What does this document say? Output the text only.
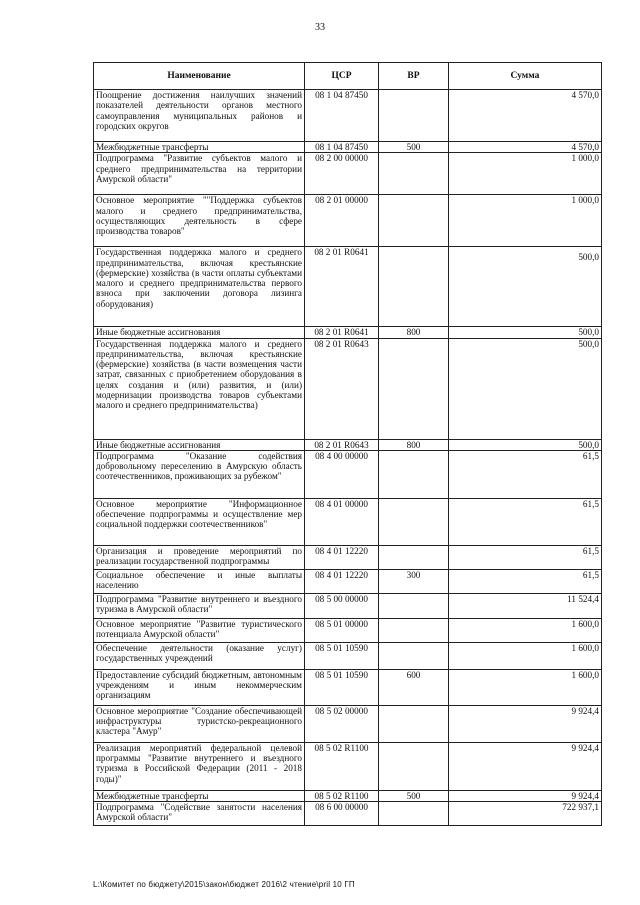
33
Наименование	ЦСР	ВР	Сумма
Поощрение достижения наилучших значений показателей деятельности органов местного самоуправления муниципальных районов и городских округов	08 1 04 87450		4 570,0
Межбюджетные трансферты	08 1 04 87450	500	4 570,0
Подпрограмма "Развитие субъектов малого и среднего предпринимательства на территории Амурской области"	08 2 00 00000		1 000,0
Основное мероприятие ""Поддержка субъектов малого и среднего предпринимательства, осуществляющих деятельность в сфере производства товаров"	08 2 01 00000		1 000,0
Государственная поддержка малого и среднего предпринимательства, включая крестьянские (фермерские) хозяйства (в части оплаты субъектами малого и среднего предпринимательства первого взноса при заключении договора лизинга оборудования)	08 2 01 R0641		500,0
Иные бюджетные ассигнования	08 2 01 R0641	800	500,0
Государственная поддержка малого и среднего предпринимательства, включая крестьянские (фермерские) хозяйства (в части возмещения части затрат, связанных с приобретением оборудования в целях создания и (или) развития, и (или) модернизации производства товаров субъектами малого и среднего предпринимательства)	08 2 01 R0643		500,0
Иные бюджетные ассигнования	08 2 01 R0643	800	500,0
Подпрограмма "Оказание содействия добровольному переселению в Амурскую область соотечественников, проживающих за рубежом"	08 4 00 00000		61,5
Основное мероприятие "Информационное обеспечение подпрограммы и осуществление мер социальной поддержки соотечественников"	08 4 01 00000		61,5
Организация и проведение мероприятий по реализации государственной подпрограммы	08 4 01 12220		61,5
Социальное обеспечение и иные выплаты населению	08 4 01 12220	300	61,5
Подпрограмма "Развитие внутреннего и въездного туризма в Амурской области"	08 5 00 00000		11 524,4
Основное мероприятие "Развитие туристического потенциала Амурской области"	08 5 01 00000		1 600,0
Обеспечение деятельности (оказание услуг) государственных учреждений	08 5 01 10590		1 600,0
Предоставление субсидий бюджетным, автономным учреждениям и иным некоммерческим организациям	08 5 01 10590	600	1 600,0
Основное мероприятие "Создание обеспечивающей инфраструктуры туристско-рекреационного кластера "Амур"	08 5 02 00000		9 924,4
Реализация мероприятий федеральной целевой программы "Развитие внутреннего и въездного туризма в Российской Федерации (2011 - 2018 годы)"	08 5 02 R1100		9 924,4
Межбюджетные трансферты	08 5 02 R1100	500	9 924,4
Подпрограмма "Содействие занятости населения Амурской области"	08 6 00 00000		722 937,1
L:\Комитет по бюджету\2015\закон\бюджет 2016\2 чтение\pril 10 ГП
